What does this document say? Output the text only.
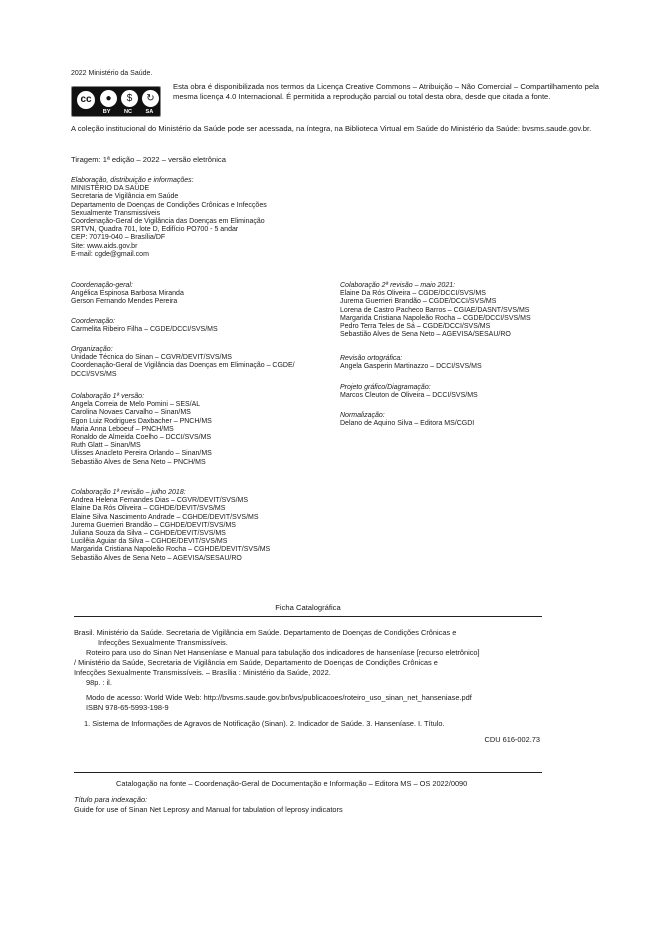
2022 Ministério da Saúde.
cc	●	$	↻
BY NC SA
Esta obra é disponibilizada nos termos da Licença Creative Commons – Atribuição – Não Comercial – Compartilhamento pela mesma licença 4.0 Internacional. É permitida a reprodução parcial ou total desta obra, desde que citada a fonte.
A coleção institucional do Ministério da Saúde pode ser acessada, na íntegra, na Biblioteca Virtual em Saúde do Ministério da Saúde: bvsms.saude.gov.br.
Tiragem: 1ª edição – 2022 – versão eletrônica
Elaboração, distribuição e informações:
MINISTÉRIO DA SAÚDE
Secretaria de Vigilância em Saúde
Departamento de Doenças de Condições Crônicas e Infecções
Sexualmente Transmissíveis
Coordenação-Geral de Vigilância das Doenças em Eliminação
SRTVN, Quadra 701, lote D, Edifício PO700 - 5 andar
CEP: 70719-040 – Brasília/DF
Site: www.aids.gov.br
E-mail: cgde@gmail.com
Coordenação-geral:
Angélica Espinosa Barbosa Miranda
Gerson Fernando Mendes Pereira
Coordenação:
Carmelita Ribeiro Filha – CGDE/DCCI/SVS/MS
Organização:
Unidade Técnica do Sinan – CGVR/DEVIT/SVS/MS
Coordenação-Geral de Vigilância das Doenças em Eliminação – CGDE/
DCCI/SVS/MS
Colaboração 1ª versão:
Angela Correia de Melo Pomini – SES/AL
Carolina Novaes Carvalho – Sinan/MS
Egon Luiz Rodrigues Daxbacher – PNCH/MS
Maria Anna Leboeuf – PNCH/MS
Ronaldo de Almeida Coelho – DCCI/SVS/MS
Ruth Glatt – Sinan/MS
Ulisses Anacleto Pereira Orlando – Sinan/MS
Sebastião Alves de Sena Neto – PNCH/MS
Colaboração 1ª revisão – julho 2018:
Andrea Helena Fernandes Dias – CGVR/DEVIT/SVS/MS
Elaine Da Rós Oliveira – CGHDE/DEVIT/SVS/MS
Elaine Silva Nascimento Andrade – CGHDE/DEVIT/SVS/MS
Jurema Guerrieri Brandão – CGHDE/DEVIT/SVS/MS
Juliana Souza da Silva – CGHDE/DEVIT/SVS/MS
Lucilêia Aguiar da Silva – CGHDE/DEVIT/SVS/MS
Margarida Cristiana Napoleão Rocha – CGHDE/DEVIT/SVS/MS
Sebastião Alves de Sena Neto – AGEVISA/SESAU/RO
Colaboração 2ª revisão – maio 2021:
Elaine Da Rós Oliveira – CGDE/DCCI/SVS/MS
Jurema Guerrieri Brandão – CGDE/DCCI/SVS/MS
Lorena de Castro Pacheco Barros – CGIAE/DASNT/SVS/MS
Margarida Cristiana Napoleão Rocha – CGDE/DCCI/SVS/MS
Pedro Terra Teles de Sá – CGDE/DCCI/SVS/MS
Sebastião Alves de Sena Neto – AGEVISA/SESAU/RO
Revisão ortográfica:
Angela Gasperin Martinazzo – DCCI/SVS/MS
Projeto gráfico/Diagramação:
Marcos Cleuton de Oliveira – DCCI/SVS/MS
Normalização:
Delano de Aquino Silva – Editora MS/CGDI
Ficha Catalográfica
Brasil. Ministério da Saúde. Secretaria de Vigilância em Saúde. Departamento de Doenças de Condições Crônicas e
Infecções Sexualmente Transmissíveis.
Roteiro para uso do Sinan Net Hanseníase e Manual para tabulação dos indicadores de hanseníase [recurso eletrônico]
/ Ministério da Saúde, Secretaria de Vigilância em Saúde, Departamento de Doenças de Condições Crônicas e
Infecções Sexualmente Transmissíveis. – Brasília : Ministério da Saúde, 2022.
98p. : il.
Modo de acesso: World Wide Web: http://bvsms.saude.gov.br/bvs/publicacoes/roteiro_uso_sinan_net_hanseniase.pdf
ISBN 978-65-5993-198-9
1. Sistema de Informações de Agravos de Notificação (Sinan). 2. Indicador de Saúde. 3. Hanseníase. I. Título.
CDU 616-002.73
Catalogação na fonte – Coordenação-Geral de Documentação e Informação – Editora MS – OS 2022/0090
Título para indexação:
Guide for use of Sinan Net Leprosy and Manual for tabulation of leprosy indicators
